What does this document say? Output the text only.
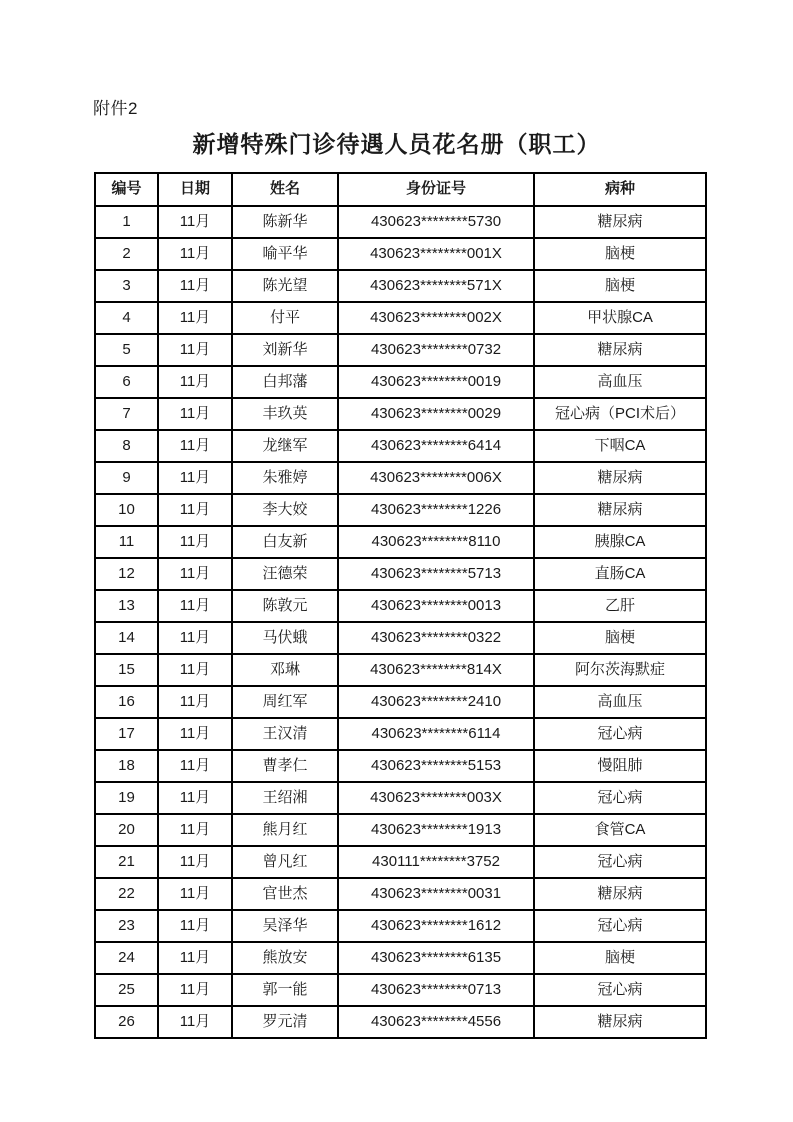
附件2
新增特殊门诊待遇人员花名册（职工）
编号	日期	姓名	身份证号	病种
1	11月	陈新华	430623********5730	糖尿病
2	11月	喻平华	430623********001X	脑梗
3	11月	陈光望	430623********571X	脑梗
4	11月	付平	430623********002X	甲状腺CA
5	11月	刘新华	430623********0732	糖尿病
6	11月	白邦藩	430623********0019	高血压
7	11月	丰玖英	430623********0029	冠心病（PCI术后）
8	11月	龙继军	430623********6414	下咽CA
9	11月	朱雅婷	430623********006X	糖尿病
10	11月	李大姣	430623********1226	糖尿病
11	11月	白友新	430623********8110	胰腺CA
12	11月	汪德荣	430623********5713	直肠CA
13	11月	陈敦元	430623********0013	乙肝
14	11月	马伏蛾	430623********0322	脑梗
15	11月	邓琳	430623********814X	阿尔茨海默症
16	11月	周红军	430623********2410	高血压
17	11月	王汉清	430623********6114	冠心病
18	11月	曹孝仁	430623********5153	慢阻肺
19	11月	王绍湘	430623********003X	冠心病
20	11月	熊月红	430623********1913	食管CA
21	11月	曾凡红	430111********3752	冠心病
22	11月	官世杰	430623********0031	糖尿病
23	11月	吴泽华	430623********1612	冠心病
24	11月	熊放安	430623********6135	脑梗
25	11月	郭一能	430623********0713	冠心病
26	11月	罗元清	430623********4556	糖尿病
